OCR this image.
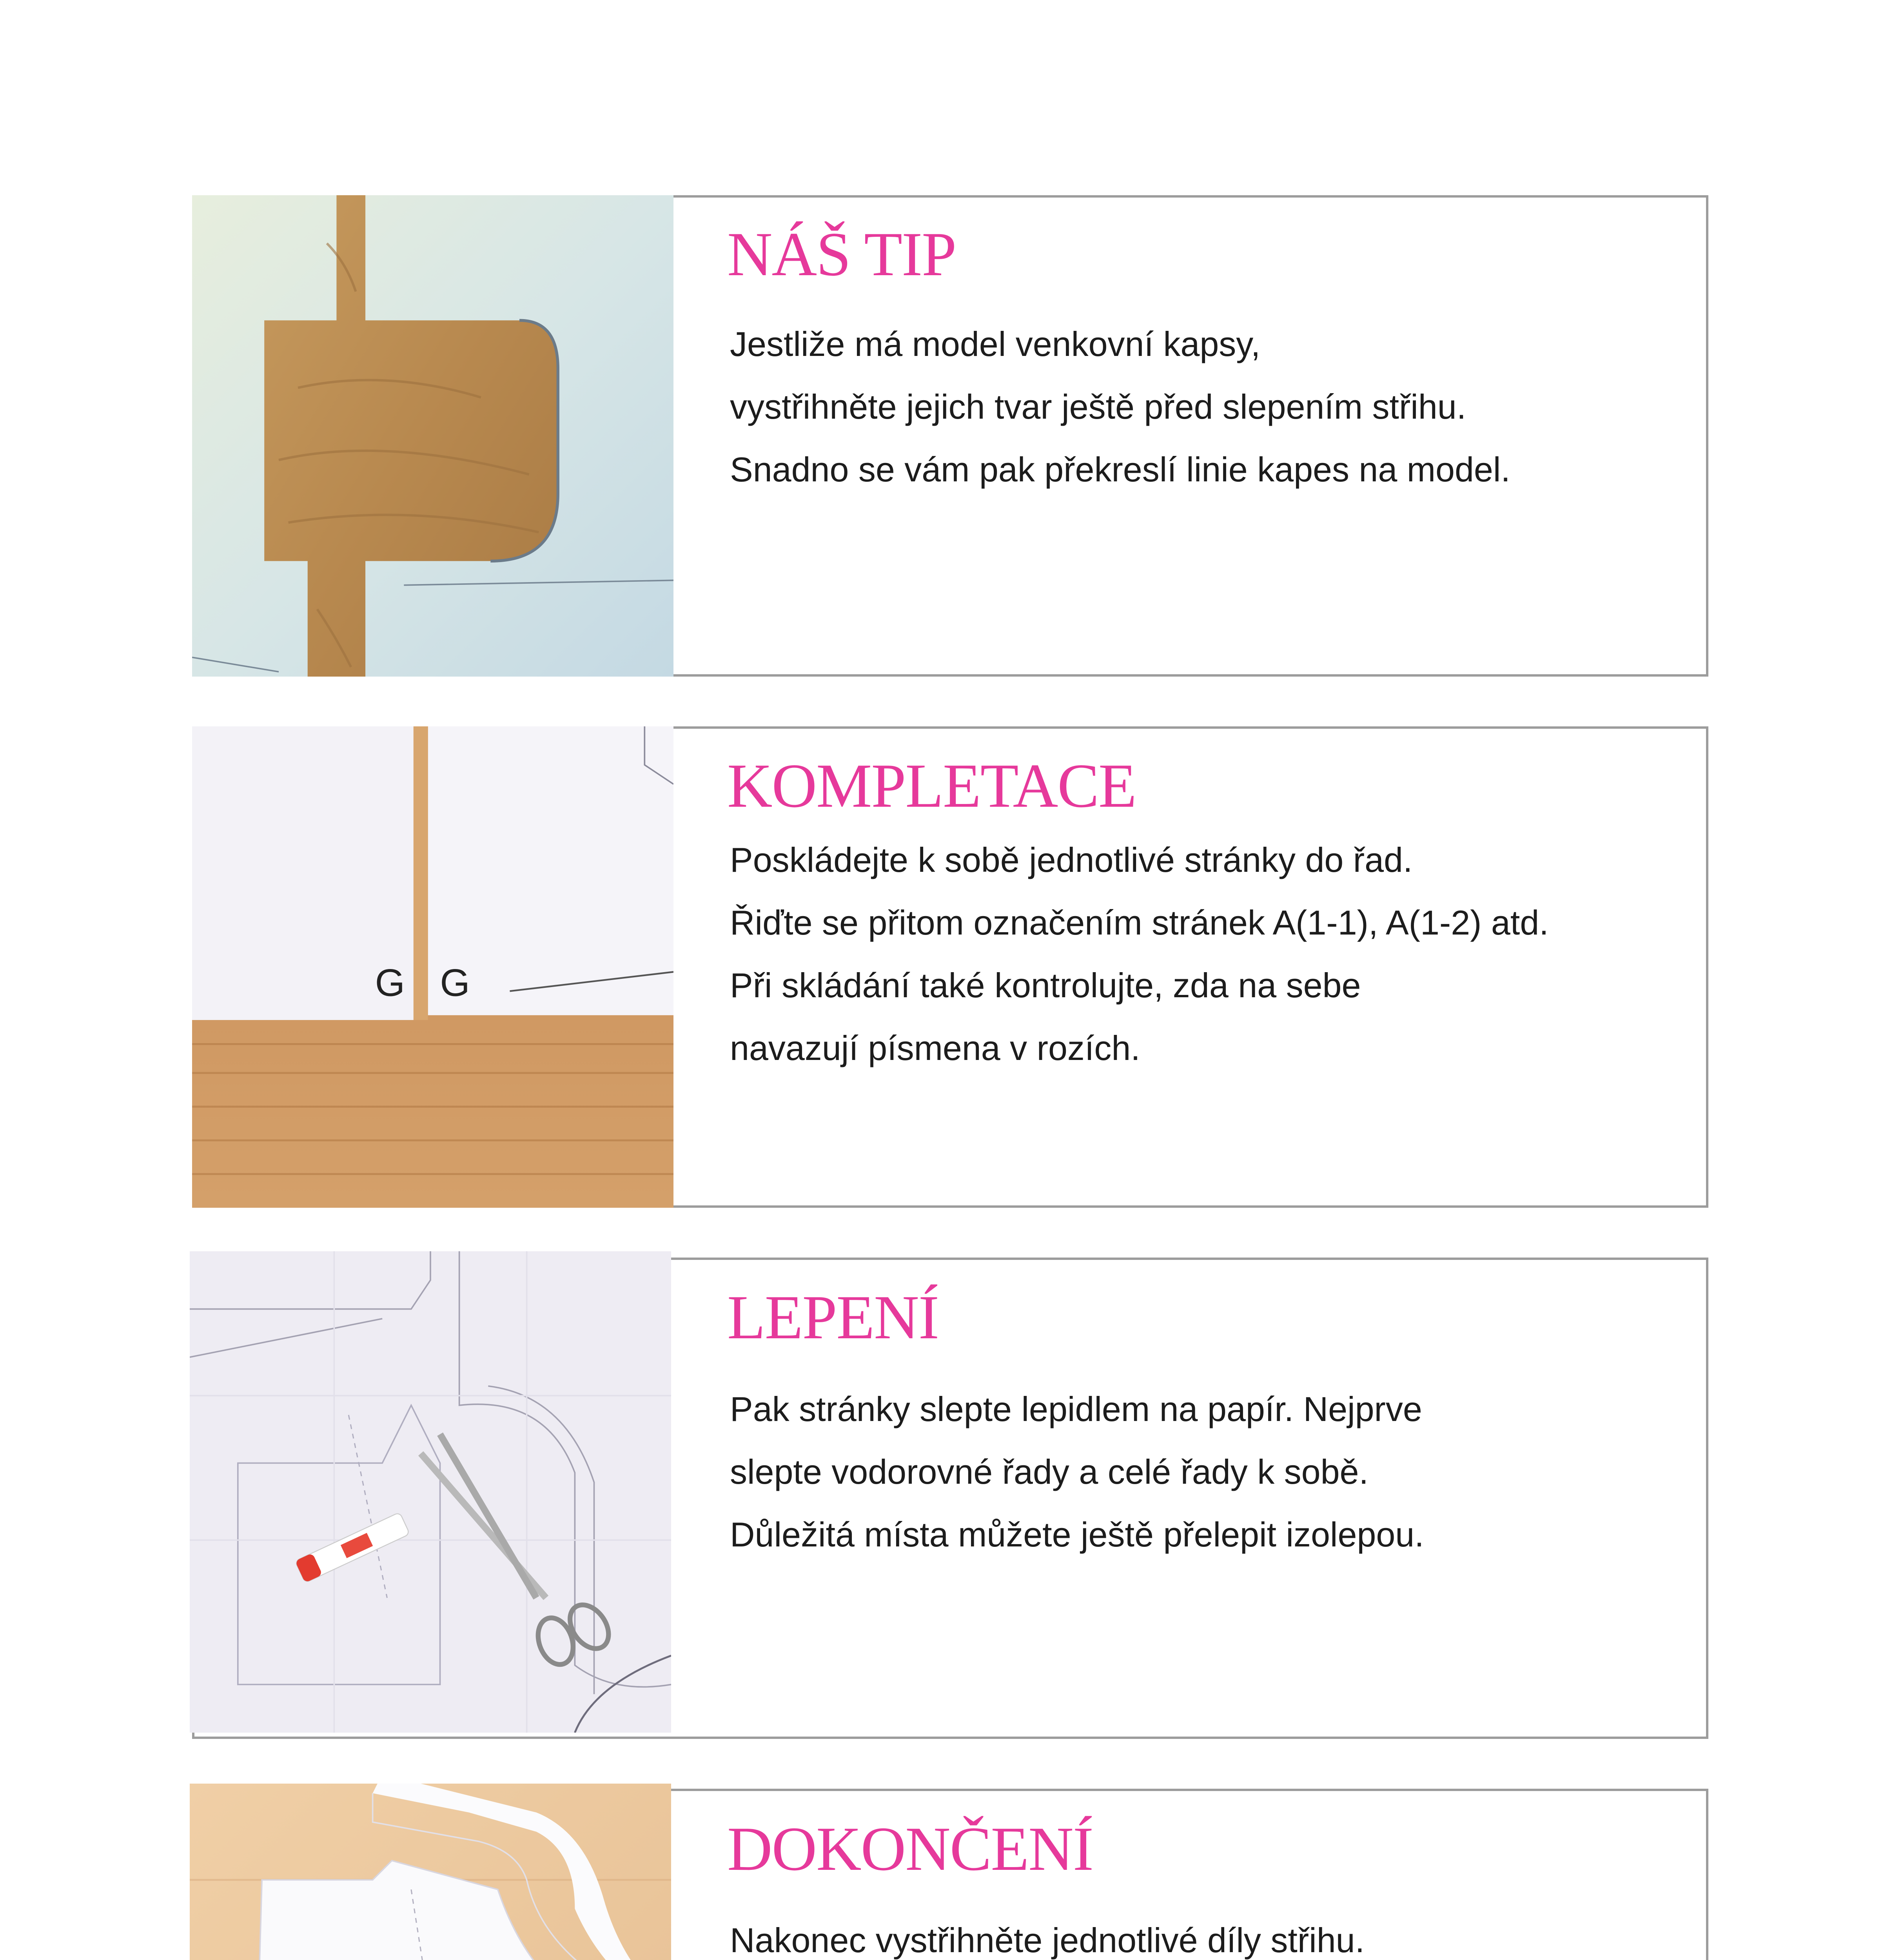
NÁŠ TIP

Jestliže má model venkovní kapsy,
vystřihněte jejich tvar ještě před slepením střihu.
Snadno se vám pak překreslí linie kapes na model.

G	G
KOMPLETACE

Poskládejte k sobě jednotlivé stránky do řad.
Řiďte se přitom označením stránek A(1-1), A(1-2) atd.
Při skládání také kontrolujte, zda na sebe
navazují písmena v rozích.

LEPENÍ

Pak stránky slepte lepidlem na papír. Nejprve
slepte vodorovné řady a celé řady k sobě.
Důležitá místa můžete ještě přelepit izolepou.

DOKONČENÍ

Nakonec vystřihněte jednotlivé díly střihu.
